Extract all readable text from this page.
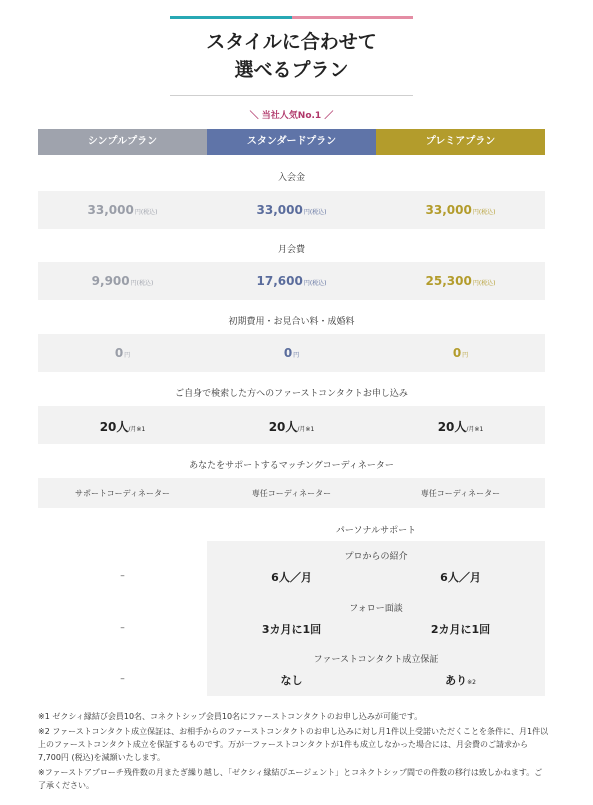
スタイルに合わせて
選べるプラン
＼ 当社人気No.1 ／
シンプルプラン	スタンダードプラン	プレミアプラン
入会金
33,000円(税込)	33,000円(税込)	33,000円(税込)
月会費
9,900円(税込)	17,600円(税込)	25,300円(税込)
初期費用・お見合い料・成婚料
0円	0円	0円
ご自身で検索した方へのファーストコンタクトお申し込み
20人/月※1	20人/月※1	20人/月※1
あなたをサポートするマッチングコーディネーター
サポートコーディネーター	専任コーディネーター	専任コーディネーター
パーソナルサポート
プロからの紹介
–	6人／月	6人／月
フォロー面談
–	3カ月に1回	2カ月に1回
ファーストコンタクト成立保証
–	なし	あり※2

※1 ゼクシィ縁結び会員10名、コネクトシップ会員10名にファーストコンタクトのお申し込みが可能です。

※2 ファーストコンタクト成立保証は、お相手からのファーストコンタクトのお申し込みに対し月1件以上受諾いただくことを条件に、月1件以上のファーストコンタクト成立を保証するものです。万が一ファーストコンタクトが1件も成立しなかった場合には、月会費のご請求から7,700円 (税込)を減額いたします。

※ファーストアプローチ残件数の月またぎ繰り越し、「ゼクシィ縁結びエージェント」とコネクトシップ間での件数の移行は致しかねます。ご了承ください。
